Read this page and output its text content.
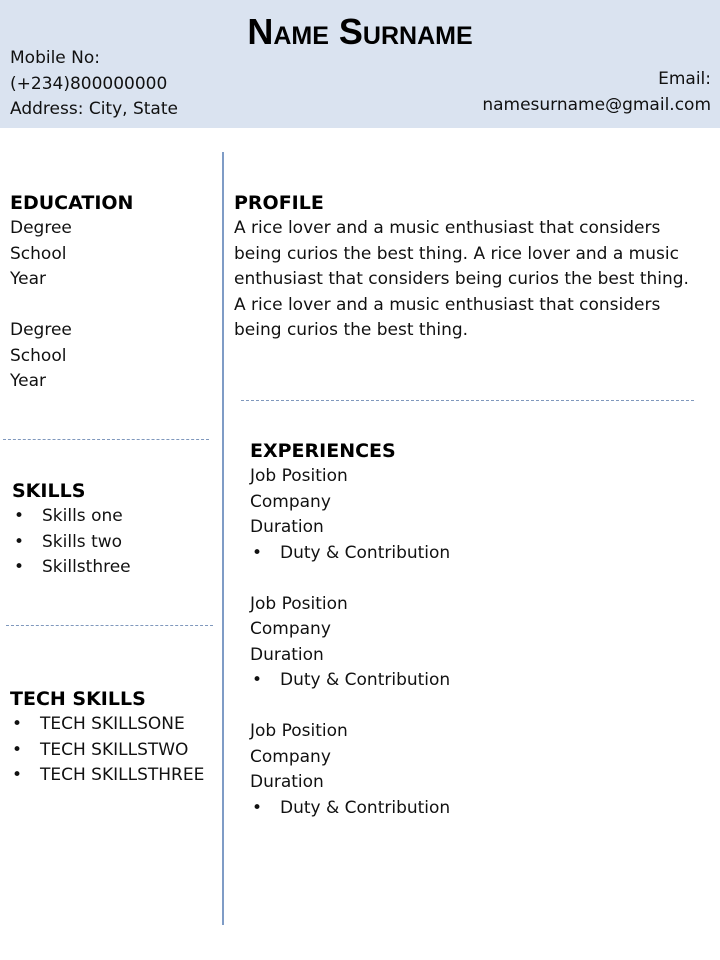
Name Surname
Mobile No:
(+234)800000000
Address: City, State
Email:
namesurname@gmail.com
EDUCATION
Degree
School
Year
Degree
School
Year
SKILLS
•	Skills one
•	Skills two
•	Skillsthree
TECH SKILLS
•	TECH SKILLSONE
•	TECH SKILLSTWO
•	TECH SKILLSTHREE
PROFILE
A rice lover and a music enthusiast that considers
being curios the best thing. A rice lover and a music
enthusiast that considers being curios the best thing.
A rice lover and a music enthusiast that considers
being curios the best thing.
EXPERIENCES
Job Position
Company
Duration
•	Duty & Contribution
Job Position
Company
Duration
•	Duty & Contribution
Job Position
Company
Duration
•	Duty & Contribution
